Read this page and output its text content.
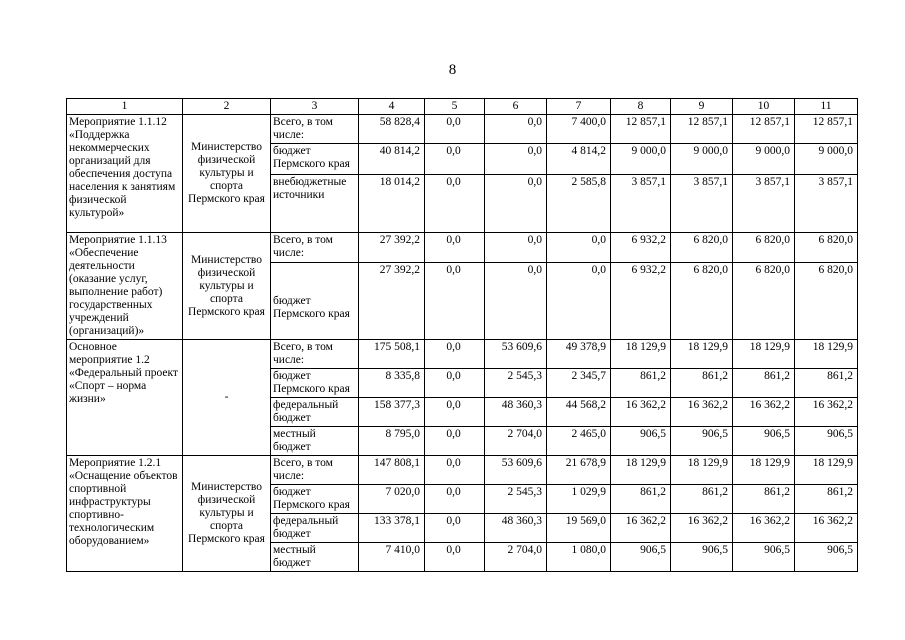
8
1	2	3	4	5	6	7	8	9	10	11
Мероприятие 1.1.12 «Поддержка некоммерческих организаций для обеспечения доступа населения к занятиям физической культурой»	Министерство физической культуры и спорта Пермского края	Всего, в том числе:	58 828,4	0,0	0,0	7 400,0	12 857,1	12 857,1	12 857,1	12 857,1
		бюджет Пермского края	40 814,2	0,0	0,0	4 814,2	9 000,0	9 000,0	9 000,0	9 000,0
		внебюджетные источники	18 014,2	0,0	0,0	2 585,8	3 857,1	3 857,1	3 857,1	3 857,1
Мероприятие 1.1.13 «Обеспечение деятельности (оказание услуг, выполнение работ) государственных учреждений (организаций)»	Министерство физической культуры и спорта Пермского края	Всего, в том числе:	27 392,2	0,0	0,0	0,0	6 932,2	6 820,0	6 820,0	6 820,0
		бюджет Пермского края	27 392,2	0,0	0,0	0,0	6 932,2	6 820,0	6 820,0	6 820,0
Основное мероприятие 1.2 «Федеральный проект «Спорт – норма жизни»	-	Всего, в том числе:	175 508,1	0,0	53 609,6	49 378,9	18 129,9	18 129,9	18 129,9	18 129,9
		бюджет Пермского края	8 335,8	0,0	2 545,3	2 345,7	861,2	861,2	861,2	861,2
		федеральный бюджет	158 377,3	0,0	48 360,3	44 568,2	16 362,2	16 362,2	16 362,2	16 362,2
		местный бюджет	8 795,0	0,0	2 704,0	2 465,0	906,5	906,5	906,5	906,5
Мероприятие 1.2.1 «Оснащение объектов спортивной инфраструктуры спортивно-технологическим оборудованием»	Министерство физической культуры и спорта Пермского края	Всего, в том числе:	147 808,1	0,0	53 609,6	21 678,9	18 129,9	18 129,9	18 129,9	18 129,9
		бюджет Пермского края	7 020,0	0,0	2 545,3	1 029,9	861,2	861,2	861,2	861,2
		федеральный бюджет	133 378,1	0,0	48 360,3	19 569,0	16 362,2	16 362,2	16 362,2	16 362,2
		местный бюджет	7 410,0	0,0	2 704,0	1 080,0	906,5	906,5	906,5	906,5
